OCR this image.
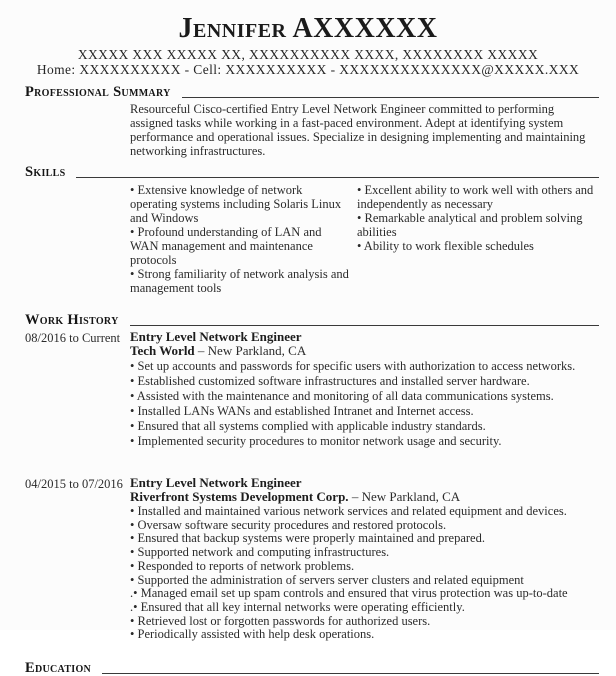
Jennifer AXXXXXX
XXXXX XXX XXXXX XX, XXXXXXXXXX XXXX, XXXXXXXX XXXXX
Home: XXXXXXXXXX - Cell: XXXXXXXXXX - XXXXXXXXXXXXXX@XXXXX.XXX
Professional Summary
Resourceful Cisco-certified Entry Level Network Engineer committed to performing assigned tasks while working in a fast-paced environment. Adept at identifying system performance and operational issues. Specialize in designing implementing and maintaining networking infrastructures.
Skills
• Extensive knowledge of network operating systems including Solaris Linux and Windows
• Profound understanding of LAN and WAN management and maintenance protocols
• Strong familiarity of network analysis and management tools
• Excellent ability to work well with others and independently as necessary
• Remarkable analytical and problem solving abilities
• Ability to work flexible schedules
Work History
08/2016 to Current Entry Level Network Engineer
Tech World – New Parkland, CA
• Set up accounts and passwords for specific users with authorization to access networks.
• Established customized software infrastructures and installed server hardware.
• Assisted with the maintenance and monitoring of all data communications systems.
• Installed LANs WANs and established Intranet and Internet access.
• Ensured that all systems complied with applicable industry standards.
• Implemented security procedures to monitor network usage and security.
04/2015 to 07/2016 Entry Level Network Engineer
Riverfront Systems Development Corp. – New Parkland, CA
• Installed and maintained various network services and related equipment and devices.
• Oversaw software security procedures and restored protocols.
• Ensured that backup systems were properly maintained and prepared.
• Supported network and computing infrastructures.
• Responded to reports of network problems.
• Supported the administration of servers server clusters and related equipment
.• Managed email set up spam controls and ensured that virus protection was up-to-date
.• Ensured that all key internal networks were operating efficiently.
• Retrieved lost or forgotten passwords for authorized users.
• Periodically assisted with help desk operations.
Education
